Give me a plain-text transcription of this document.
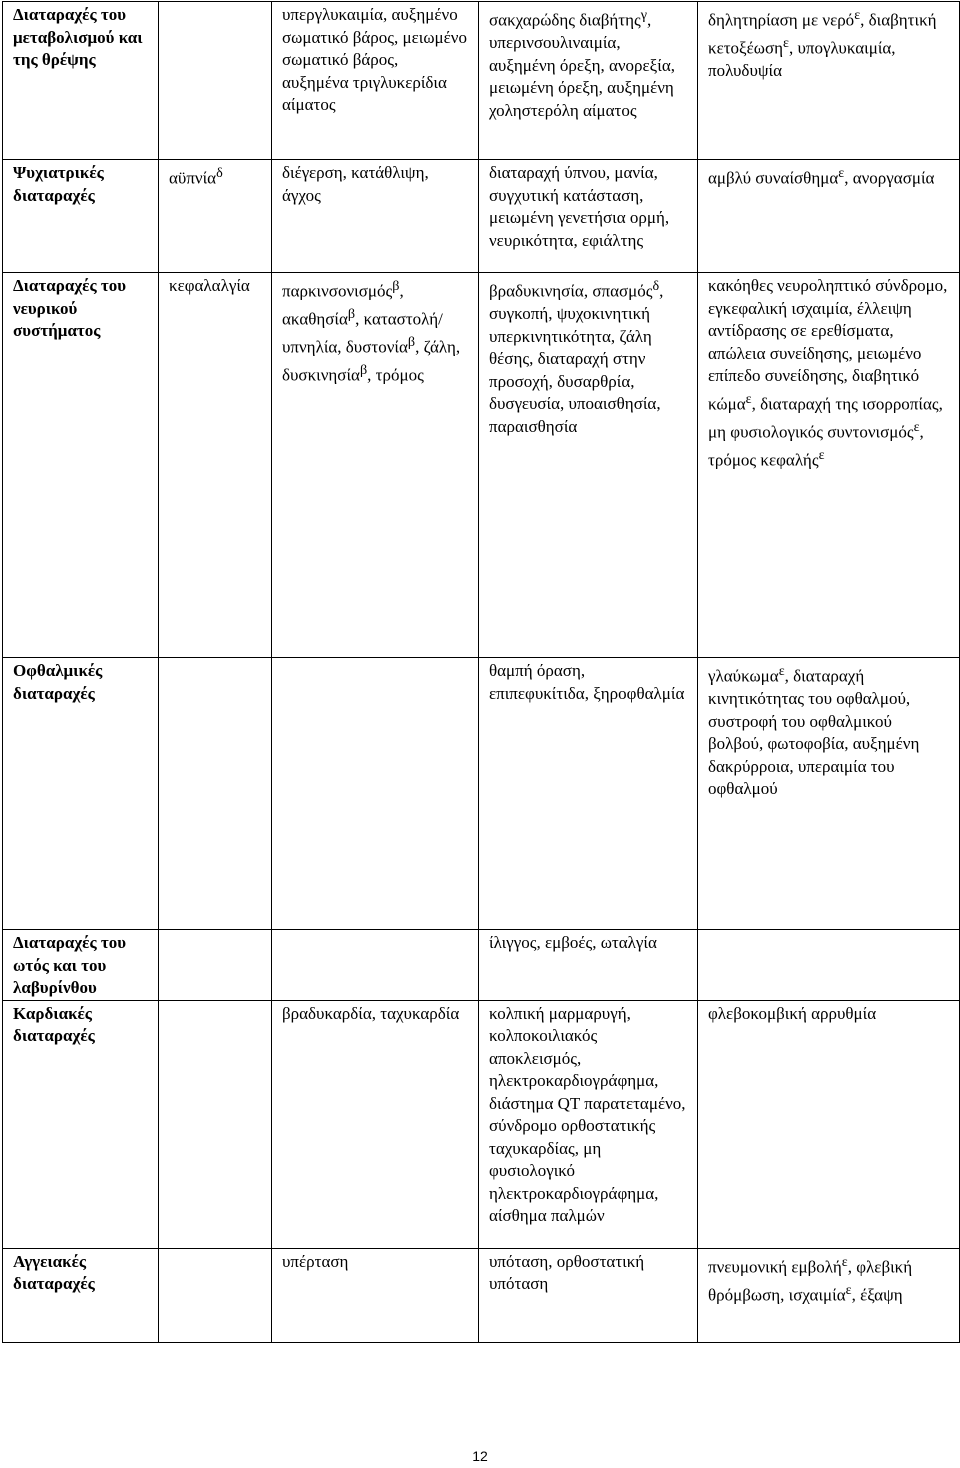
Διαταραχές του μεταβολισμού και της θρέψης		υπεργλυκαιμία, αυξημένο σωματικό βάρος, μειωμένο σωματικό βάρος, αυξημένα τριγλυκερίδια αίματος	σακχαρώδης διαβήτης$^\gamma$, υπερινσουλιναιμία, αυξημένη όρεξη, ανορεξία, μειωμένη όρεξη, αυξημένη χοληστερόλη αίματος	δηλητηρίαση με νερό$^\varepsilon$, διαβητική κετοξέωση$^\varepsilon$, υπογλυκαιμία, πολυδυψία
Ψυχιατρικές διαταραχές	αϋπνία$^\delta$	διέγερση, κατάθλιψη, άγχος	διαταραχή ύπνου, μανία, συγχυτική κατάσταση, μειωμένη γενετήσια ορμή, νευρικότητα, εφιάλτης	αμβλύ συναίσθημα$^\varepsilon$, ανοργασμία
Διαταραχές του νευρικού συστήματος	κεφαλαλγία	παρκινσονισμός$^\beta$, ακαθησία$^\beta$, καταστολή/υπνηλία, δυστονία$^\beta$, ζάλη, δυσκινησία$^\beta$, τρόμος	βραδυκινησία, σπασμός$^\delta$, συγκοπή, ψυχοκινητική υπερκινητικότητα, ζάλη θέσης, διαταραχή στην προσοχή, δυσαρθρία, δυσγευσία, υποαισθησία, παραισθησία	κακόηθες νευροληπτικό σύνδρομο, εγκεφαλική ισχαιμία, έλλειψη αντίδρασης σε ερεθίσματα, απώλεια συνείδησης, μειωμένο επίπεδο συνείδησης, διαβητικό κώμα$^\varepsilon$, διαταραχή της ισορροπίας, μη φυσιολογικός συντονισμός$^\varepsilon$, τρόμος κεφαλής$^\varepsilon$
Οφθαλμικές διαταραχές			θαμπή όραση, επιπεφυκίτιδα, ξηροφθαλμία	γλαύκωμα$^\varepsilon$, διαταραχή κινητικότητας του οφθαλμού, συστροφή του οφθαλμικού βολβού, φωτοφοβία, αυξημένη δακρύρροια, υπεραιμία του οφθαλμού
Διαταραχές του ωτός και του λαβυρίνθου			ίλιγγος, εμβοές, ωταλγία	
Καρδιακές διαταραχές		βραδυκαρδία, ταχυκαρδία	κολπική μαρμαρυγή, κολποκοιλιακός αποκλεισμός, ηλεκτροκαρδιογράφημα, διάστημα QT παρατεταμένο, σύνδρομο ορθοστατικής ταχυκαρδίας, μη φυσιολογικό ηλεκτροκαρδιογράφημα, αίσθημα παλμών	φλεβοκομβική αρρυθμία
Αγγειακές διαταραχές		υπέρταση	υπόταση, ορθοστατική υπόταση	πνευμονική εμβολή$^\varepsilon$, φλεβική θρόμβωση, ισχαιμία$^\varepsilon$, έξαψη
12
